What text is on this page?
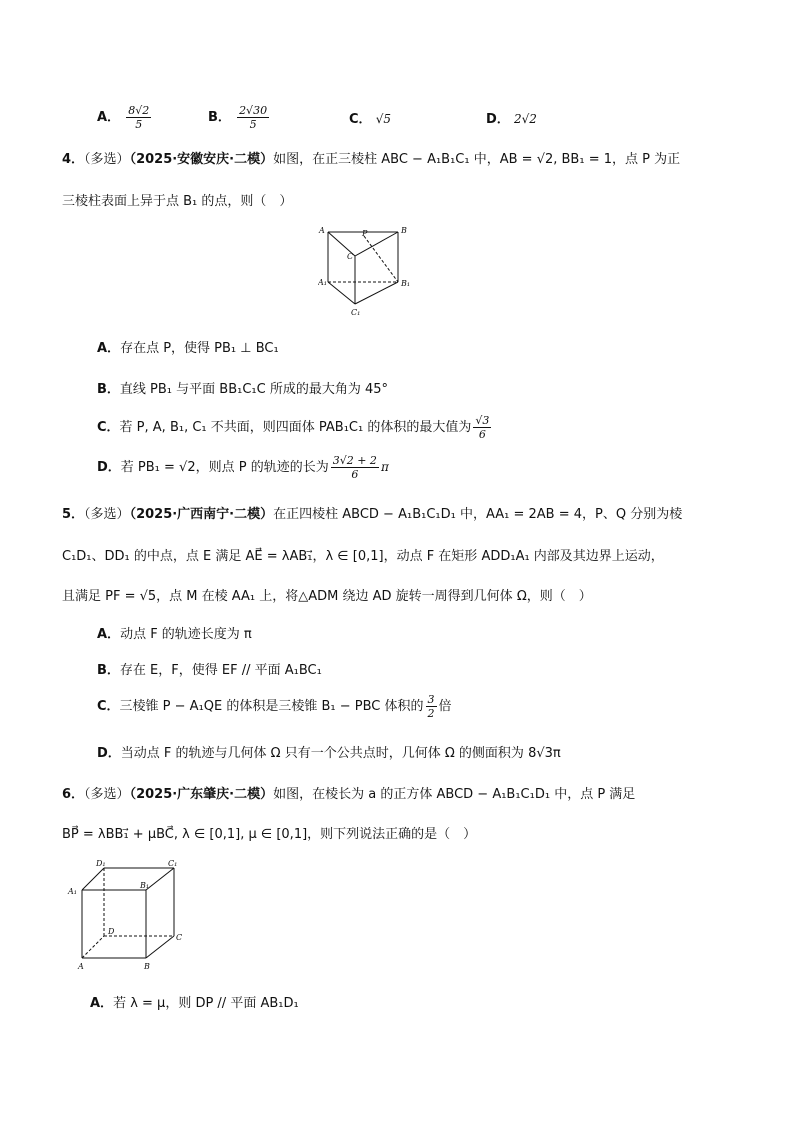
A． $\frac{8√2}{5}$	B． $\frac{2√30}{5}$	C． √5	D． 2√2
4．（多选）（2025·安徽安庆·二模）如图，在正三棱柱 ABC − A₁B₁C₁ 中，AB = √2, BB₁ = 1，点 P 为正
三棱柱表面上异于点 B₁ 的点，则（　）
A	B
C
P
A₁	B₁
C₁
A．存在点 P，使得 PB₁ ⊥ BC₁
B．直线 PB₁ 与平面 BB₁C₁C 所成的最大角为 45°
C．若 P, A, B₁, C₁ 不共面，则四面体 PAB₁C₁ 的体积的最大值为 $\frac{√3}{6}$
D．若 PB₁ = √2，则点 P 的轨迹的长为 $\frac{3√2 + 2}{6}$ π
5．（多选）（2025·广西南宁·二模）在正四棱柱 ABCD − A₁B₁C₁D₁ 中，AA₁ = 2AB = 4，P、Q 分别为棱
C₁D₁、DD₁ 的中点，点 E 满足 AE⃗ = λAB₁⃗，λ ∈ [0,1]，动点 F 在矩形 ADD₁A₁ 内部及其边界上运动，
且满足 PF = √5，点 M 在棱 AA₁ 上，将△ADM 绕边 AD 旋转一周得到几何体 Ω，则（　）
A．动点 F 的轨迹长度为 π
B．存在 E，F，使得 EF // 平面 A₁BC₁
C．三棱锥 P − A₁QE 的体积是三棱锥 B₁ − PBC 体积的 $\frac{3}{2}$ 倍
D．当动点 F 的轨迹与几何体 Ω 只有一个公共点时，几何体 Ω 的侧面积为 8√3π
6．（多选）（2025·广东肇庆·二模）如图，在棱长为 a 的正方体 ABCD − A₁B₁C₁D₁ 中，点 P 满足
BP⃗ = λBB₁⃗ + μBC⃗, λ ∈ [0,1], μ ∈ [0,1]，则下列说法正确的是（　）
D₁	C₁
A₁
B₁
D
C
A	B
A．若 λ = μ，则 DP // 平面 AB₁D₁
